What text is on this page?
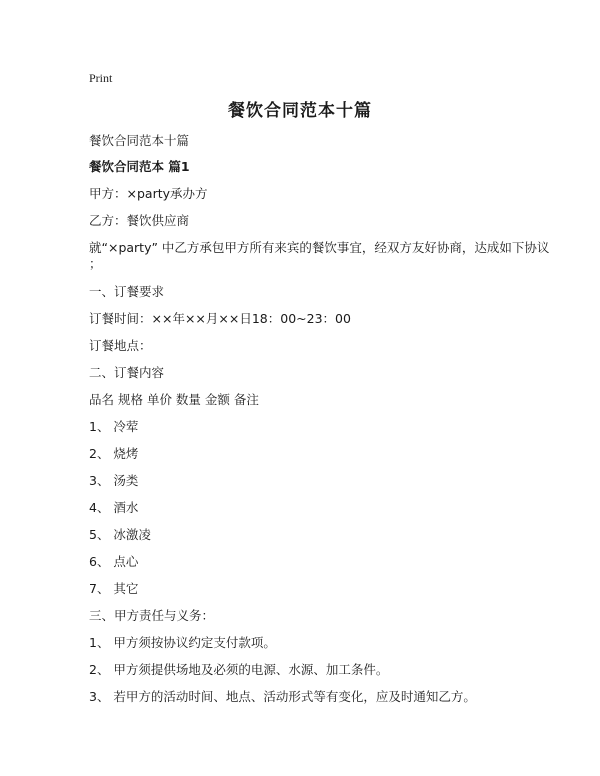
Print
餐饮合同范本十篇
餐饮合同范本十篇
餐饮合同范本 篇1
甲方：×party承办方
乙方：餐饮供应商
就“×party” 中乙方承包甲方所有来宾的餐饮事宜，经双方友好协商，达成如下协议
；
一、订餐要求
订餐时间：××年××月××日18：00~23：00
订餐地点：
二、订餐内容
品名 规格 单价 数量 金额 备注
1、 冷荤
2、 烧烤
3、 汤类
4、 酒水
5、 冰激凌
6、 点心
7、 其它
三、甲方责任与义务：
1、 甲方须按协议约定支付款项。
2、 甲方须提供场地及必须的电源、水源、加工条件。
3、 若甲方的活动时间、地点、活动形式等有变化，应及时通知乙方。
